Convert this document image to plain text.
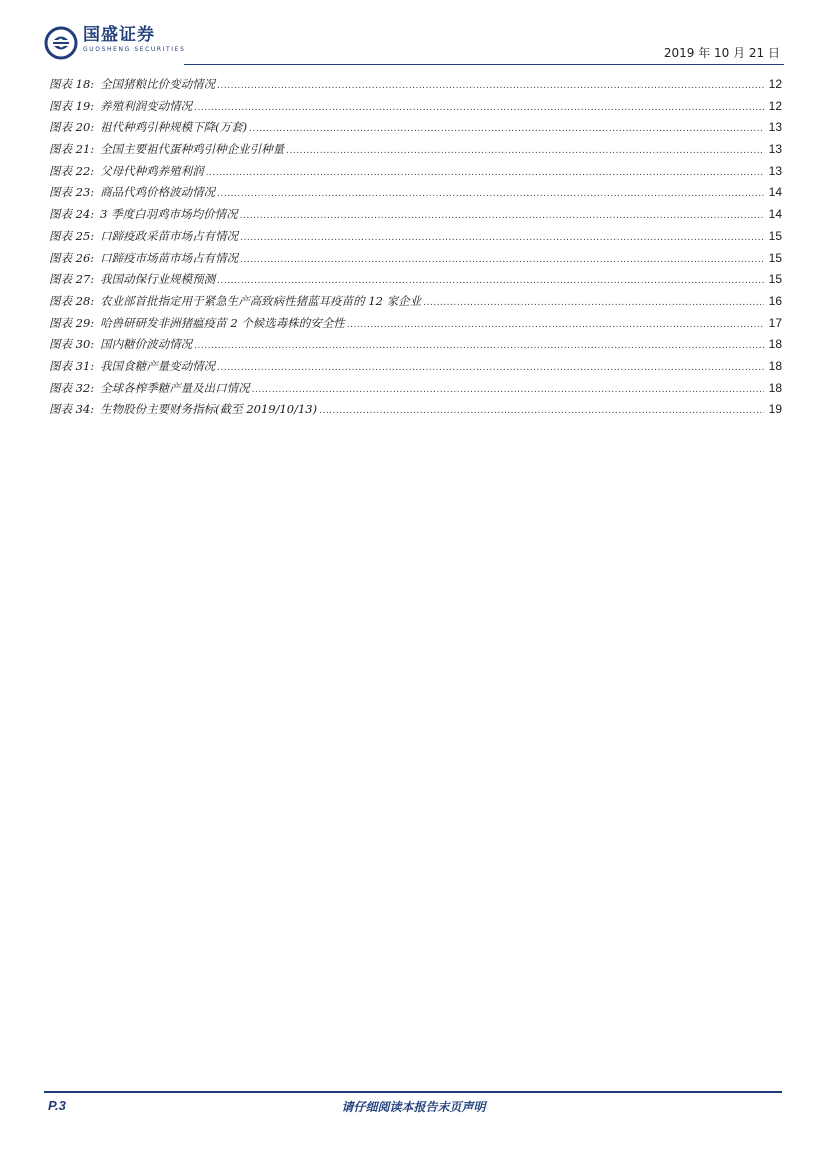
国盛证券
GUOSHENG SECURITIES	2019 年 10 月 21 日
图表 18: 全国猪粮比价变动情况 .....	12
图表 19: 养殖利润变动情况 .....	12
图表 20: 祖代种鸡引种规模下降(万套) .....	13
图表 21: 全国主要祖代蛋种鸡引种企业引种量 .....	13
图表 22: 父母代种鸡养殖利润 .....	13
图表 23: 商品代鸡价格波动情况 .....	14
图表 24: 3 季度白羽鸡市场均价情况 .....	14
图表 25: 口蹄疫政采苗市场占有情况 .....	15
图表 26: 口蹄疫市场苗市场占有情况 .....	15
图表 27: 我国动保行业规模预测 .....	15
图表 28: 农业部首批指定用于紧急生产高致病性猪蓝耳疫苗的 12 家企业 .....	16
图表 29: 哈兽研研发非洲猪瘟疫苗 2 个候选毒株的安全性 .....	17
图表 30: 国内糖价波动情况 .....	18
图表 31: 我国食糖产量变动情况 .....	18
图表 32: 全球各榨季糖产量及出口情况 .....	18
图表 34: 生物股份主要财务指标(截至 2019/10/13) .....	19
P.3	请仔细阅读本报告末页声明
